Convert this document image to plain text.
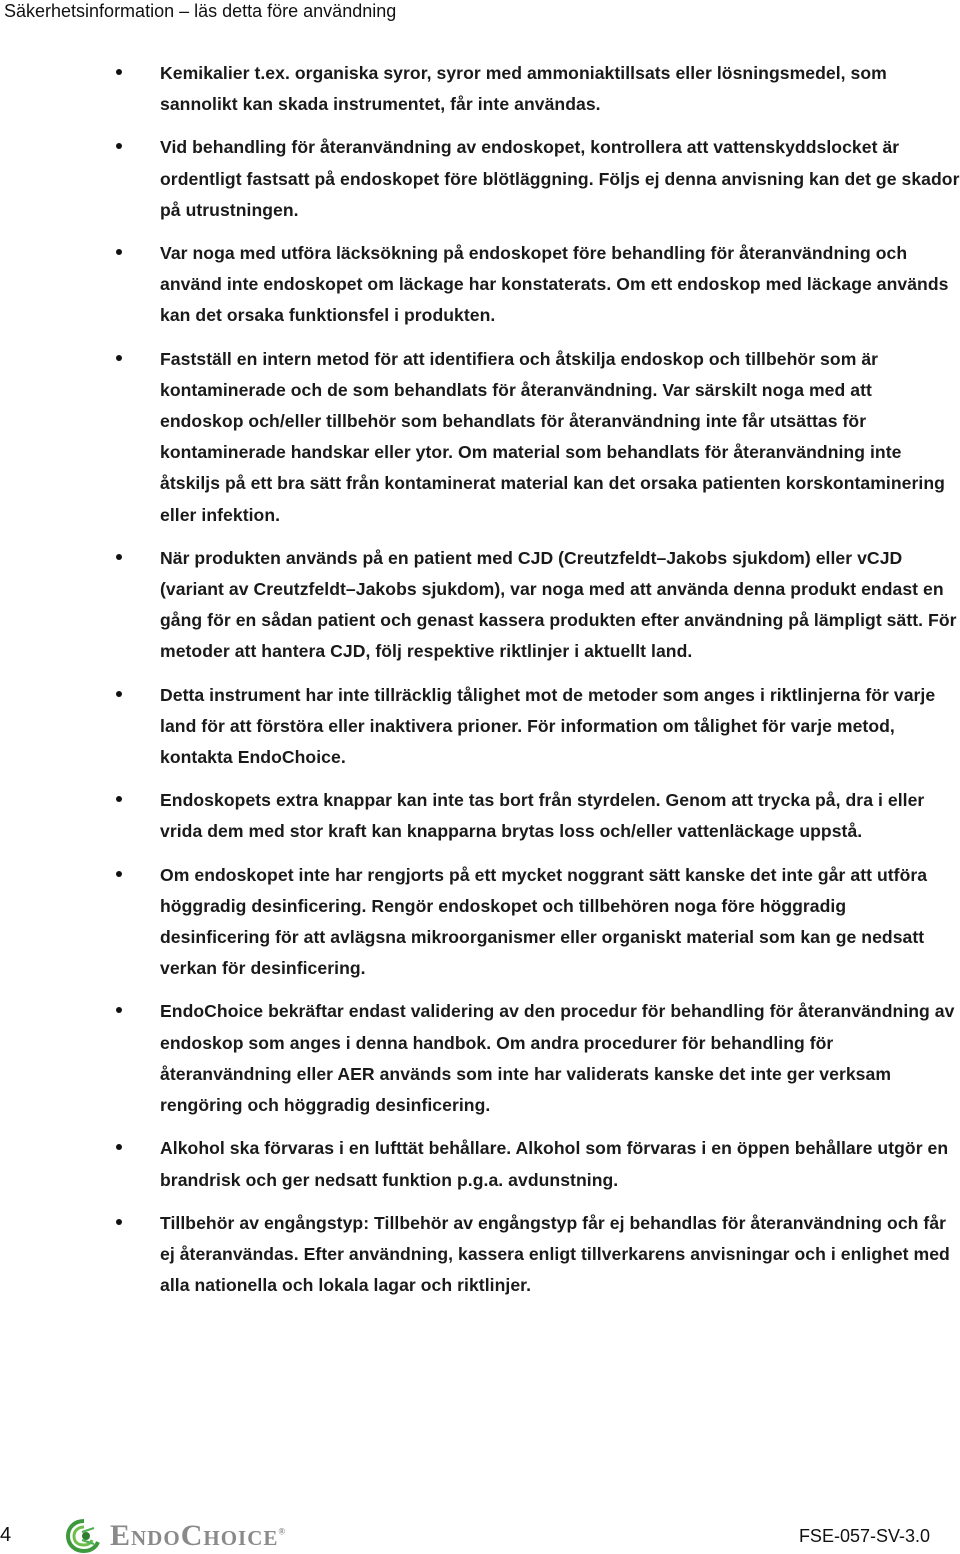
Säkerhetsinformation – läs detta före användning
Kemikalier t.ex. organiska syror, syror med ammoniaktillsats eller lösningsmedel, som sannolikt kan skada instrumentet, får inte användas.
Vid behandling för återanvändning av endoskopet, kontrollera att vattenskyddslocket är ordentligt fastsatt på endoskopet före blötläggning. Följs ej denna anvisning kan det ge skador på utrustningen.
Var noga med utföra läcksökning på endoskopet före behandling för återanvändning och använd inte endoskopet om läckage har konstaterats. Om ett endoskop med läckage används kan det orsaka funktionsfel i produkten.
Fastställ en intern metod för att identifiera och åtskilja endoskop och tillbehör som är kontaminerade och de som behandlats för återanvändning. Var särskilt noga med att endoskop och/eller tillbehör som behandlats för återanvändning inte får utsättas för kontaminerade handskar eller ytor. Om material som behandlats för återanvändning inte åtskiljs på ett bra sätt från kontaminerat material kan det orsaka patienten korskontaminering eller infektion.
När produkten används på en patient med CJD (Creutzfeldt–Jakobs sjukdom) eller vCJD (variant av Creutzfeldt–Jakobs sjukdom), var noga med att använda denna produkt endast en gång för en sådan patient och genast kassera produkten efter användning på lämpligt sätt. För metoder att hantera CJD, följ respektive riktlinjer i aktuellt land.
Detta instrument har inte tillräcklig tålighet mot de metoder som anges i riktlinjerna för varje land för att förstöra eller inaktivera prioner. För information om tålighet för varje metod, kontakta EndoChoice.
Endoskopets extra knappar kan inte tas bort från styrdelen. Genom att trycka på, dra i eller vrida dem med stor kraft kan knapparna brytas loss och/eller vattenläckage uppstå.
Om endoskopet inte har rengjorts på ett mycket noggrant sätt kanske det inte går att utföra höggradig desinficering. Rengör endoskopet och tillbehören noga före höggradig desinficering för att avlägsna mikroorganismer eller organiskt material som kan ge nedsatt verkan för desinficering.
EndoChoice bekräftar endast validering av den procedur för behandling för återanvändning av endoskop som anges i denna handbok. Om andra procedurer för behandling för återanvändning eller AER används som inte har validerats kanske det inte ger verksam rengöring och höggradig desinficering.
Alkohol ska förvaras i en lufttät behållare. Alkohol som förvaras i en öppen behållare utgör en brandrisk och ger nedsatt funktion p.g.a. avdunstning.
Tillbehör av engångstyp: Tillbehör av engångstyp får ej behandlas för återanvändning och får ej återanvändas. Efter användning, kassera enligt tillverkarens anvisningar och i enlighet med alla nationella och lokala lagar och riktlinjer.
4	ENDOCHOICE®	FSE-057-SV-3.0
